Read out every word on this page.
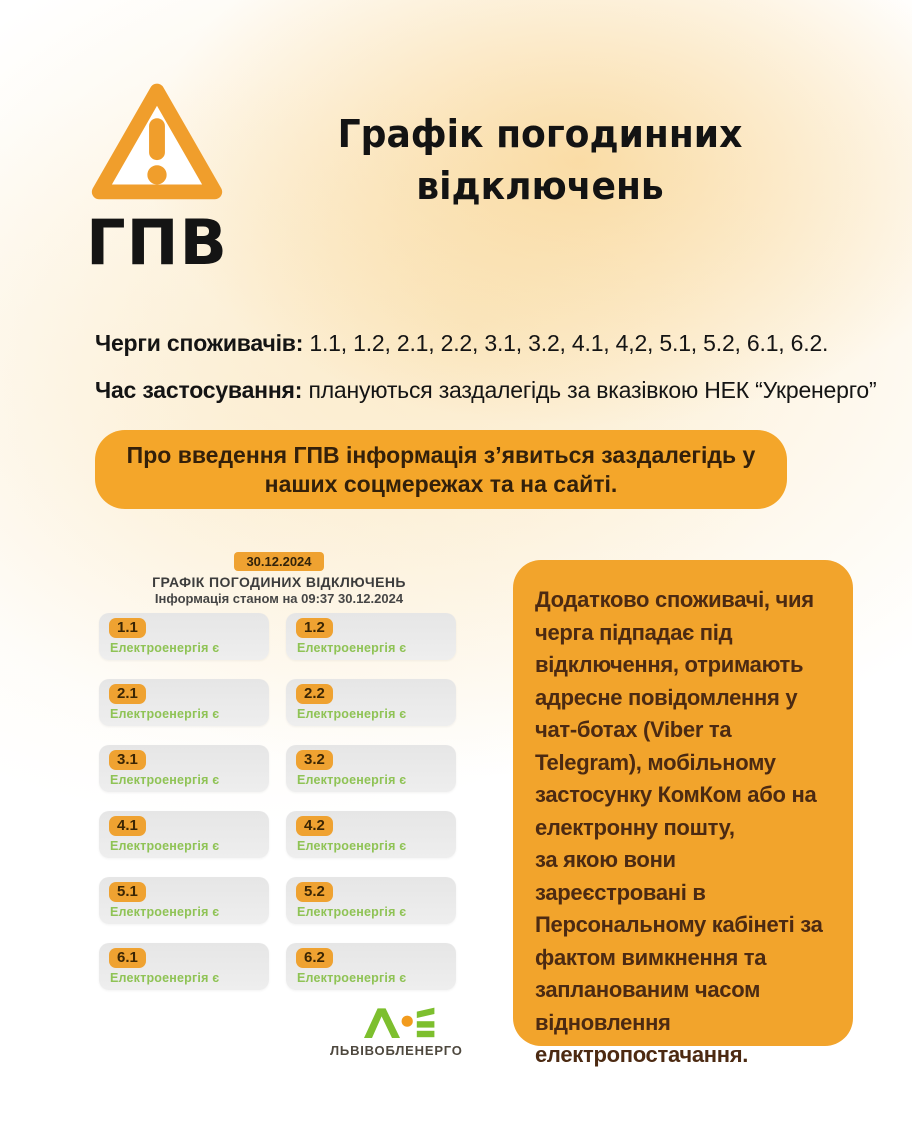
ГПВ
Графік погодинних
відключень

Черги споживачів: 1.1, 1.2, 2.1, 2.2, 3.1, 3.2, 4.1, 4,2, 5.1, 5.2, 6.1, 6.2.

Час застосування: плануються заздалегідь за вказівкою НЕК “Укренерго”

Про введення ГПВ інформація з’явиться заздалегідь у наших соцмережах та на сайті.
30.12.2024
ГРАФІК ПОГОДИНИХ ВІДКЛЮЧЕНЬ
Інформація станом на 09:37 30.12.2024
1.1
Електроенергія є
1.2
Електроенергія є
2.1
Електроенергія є
2.2
Електроенергія є
3.1
Електроенергія є
3.2
Електроенергія є
4.1
Електроенергія є
4.2
Електроенергія є
5.1
Електроенергія є
5.2
Електроенергія є
6.1
Електроенергія є
6.2
Електроенергія є
ЛЬВІВОБЛЕНЕРГО

Додатково споживачі, чия черга підпадає під відключення, отримають адресне повідомлення у чат-ботах (Viber та Telegram), мобільному застосунку КомКом або на електронну пошту,

за якою вони зареєстровані в Персональному кабінеті за фактом вимкнення та запланованим часом відновлення електропостачання.
